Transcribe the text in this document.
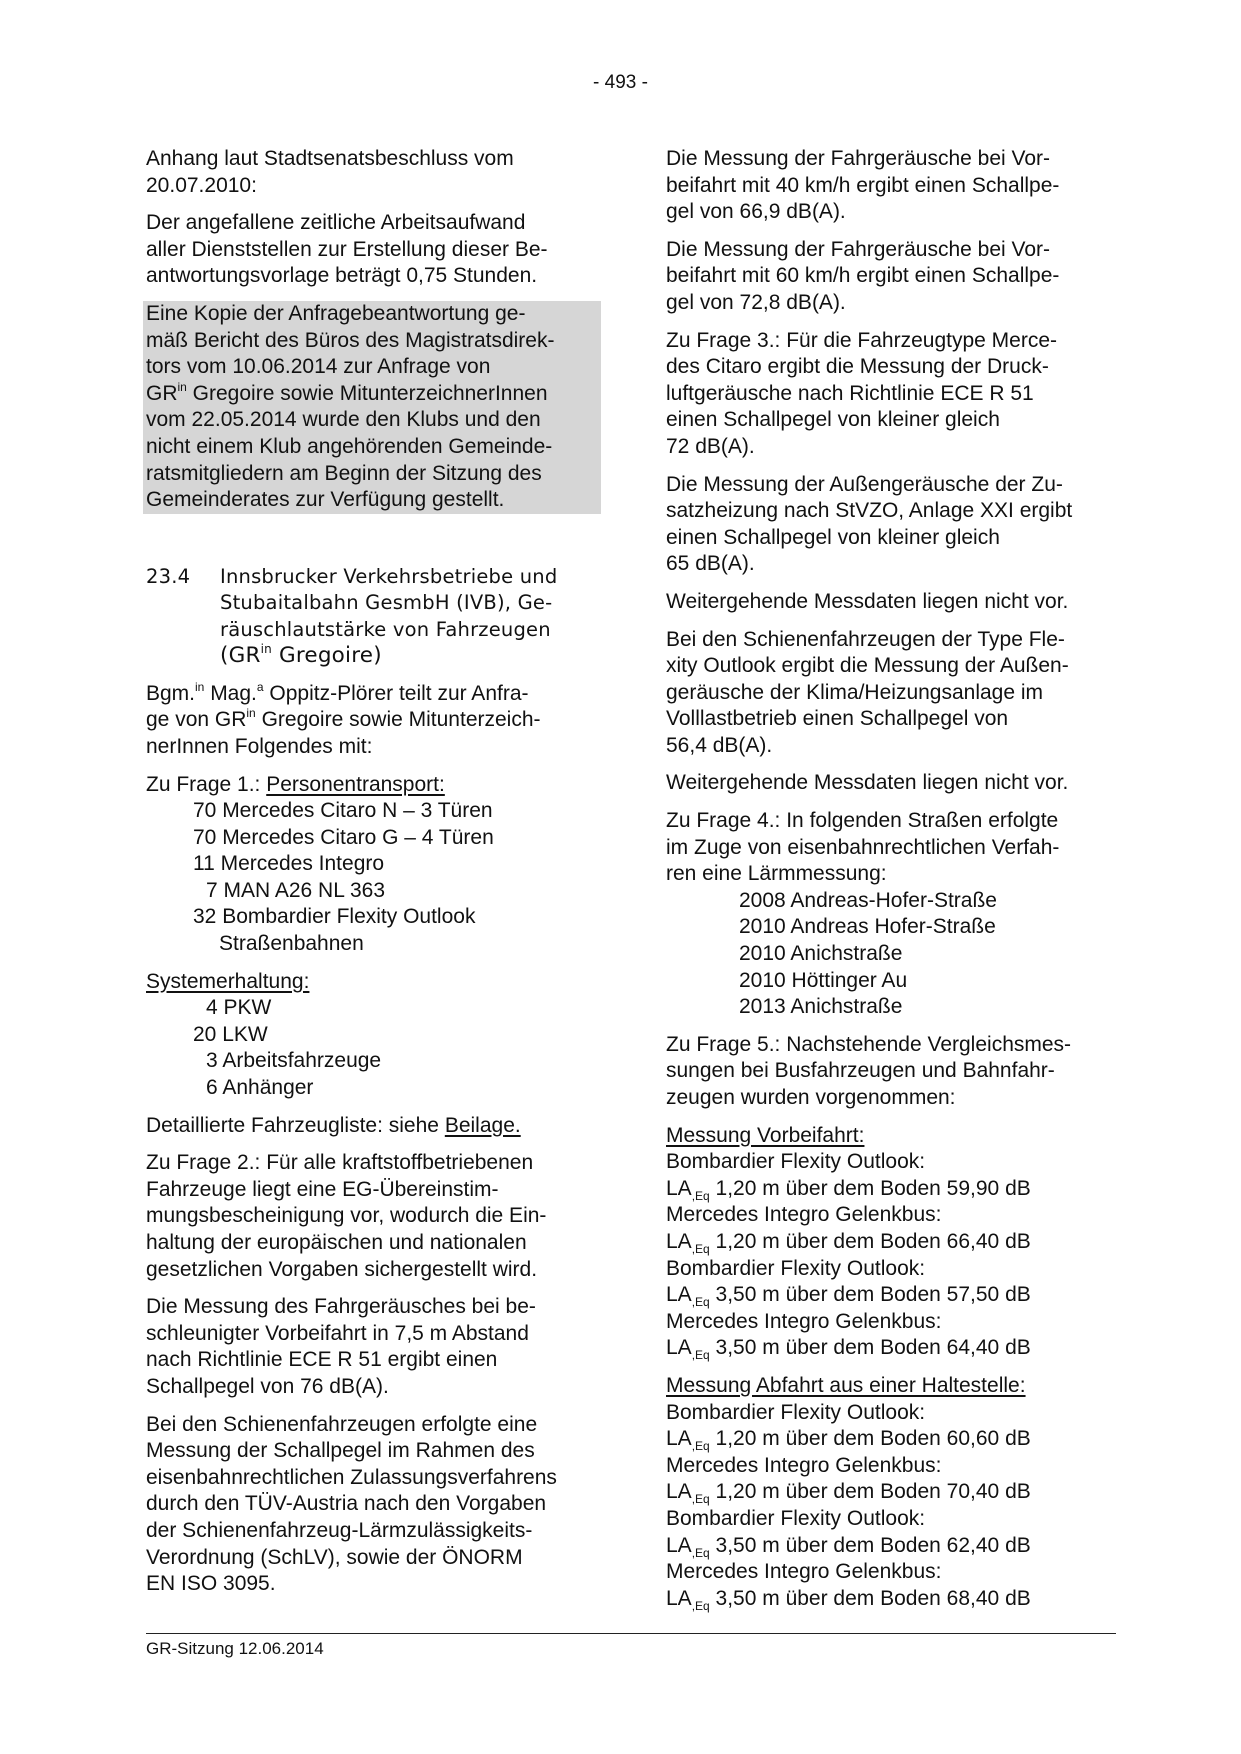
- 493 -

Anhang laut Stadtsenatsbeschluss vom 20.07.2010:

Der angefallene zeitliche Arbeitsaufwand
aller Dienststellen zur Erstellung dieser Be-
antwortungsvorlage beträgt 0,75 Stunden.
Eine Kopie der Anfragebeantwortung ge-
mäß Bericht des Büros des Magistratsdirek-
tors vom 10.06.2014 zur Anfrage von
$GR^{in}$ Gregoire sowie MitunterzeichnerInnen
vom 22.05.2014 wurde den Klubs und den
nicht einem Klub angehörenden Gemeinde-
ratsmitgliedern am Beginn der Sitzung des
Gemeinderates zur Verfügung gestellt.
23.4	Innsbrucker Verkehrsbetriebe und
Stubaitalbahn GesmbH (IVB), Ge-
räuschlautstärke von Fahrzeugen
($GR^{in}$ Gregoire)
Bgm.$^{in}$ Mag.$^a$ Oppitz-Plörer teilt zur Anfra-
ge von $GR^{in}$ Gregoire sowie Mitunterzeich-
nerInnen Folgendes mit:
Zu Frage 1.: Personentransport:
70 Mercedes Citaro N – 3 Türen
70 Mercedes Citaro G – 4 Türen
11 Mercedes Integro
7 MAN A26 NL 363
32 Bombardier Flexity Outlook
Straßenbahnen
Systemerhaltung:
4 PKW
20 LKW
3 Arbeitsfahrzeuge
6 Anhänger

Detaillierte Fahrzeugliste: siehe Beilage.

Zu Frage 2.: Für alle kraftstoffbetriebenen
Fahrzeuge liegt eine EG-Übereinstim-
mungsbescheinigung vor, wodurch die Ein-
haltung der europäischen und nationalen
gesetzlichen Vorgaben sichergestellt wird.
Die Messung des Fahrgeräusches bei be-
schleunigter Vorbeifahrt in 7,5 m Abstand
nach Richtlinie ECE R 51 ergibt einen
Schallpegel von 76 dB(A).
Bei den Schienenfahrzeugen erfolgte eine
Messung der Schallpegel im Rahmen des
eisenbahnrechtlichen Zulassungsverfahrens
durch den TÜV-Austria nach den Vorgaben
der Schienenfahrzeug-Lärmzulässigkeits-
Verordnung (SchLV), sowie der ÖNORM
EN ISO 3095.
Die Messung der Fahrgeräusche bei Vor-
beifahrt mit 40 km/h ergibt einen Schallpe-
gel von 66,9 dB(A).
Die Messung der Fahrgeräusche bei Vor-
beifahrt mit 60 km/h ergibt einen Schallpe-
gel von 72,8 dB(A).
Zu Frage 3.: Für die Fahrzeugtype Merce-
des Citaro ergibt die Messung der Druck-
luftgeräusche nach Richtlinie ECE R 51
einen Schallpegel von kleiner gleich
72 dB(A).
Die Messung der Außengeräusche der Zu-
satzheizung nach StVZO, Anlage XXI ergibt
einen Schallpegel von kleiner gleich
65 dB(A).

Weitergehende Messdaten liegen nicht vor.

Bei den Schienenfahrzeugen der Type Fle-
xity Outlook ergibt die Messung der Außen-
geräusche der Klima/Heizungsanlage im
Volllastbetrieb einen Schallpegel von
56,4 dB(A).

Weitergehende Messdaten liegen nicht vor.

Zu Frage 4.: In folgenden Straßen erfolgte
im Zuge von eisenbahnrechtlichen Verfah-
ren eine Lärmmessung:
2008 Andreas-Hofer-Straße
2010 Andreas Hofer-Straße
2010 Anichstraße
2010 Höttinger Au
2013 Anichstraße
Zu Frage 5.: Nachstehende Vergleichsmes-
sungen bei Busfahrzeugen und Bahnfahr-
zeugen wurden vorgenommen:
Messung Vorbeifahrt:
Bombardier Flexity Outlook:
$LA_{,Eq}$ 1,20 m über dem Boden 59,90 dB
Mercedes Integro Gelenkbus:
$LA_{,Eq}$ 1,20 m über dem Boden 66,40 dB
Bombardier Flexity Outlook:
$LA_{,Eq}$ 3,50 m über dem Boden 57,50 dB
Mercedes Integro Gelenkbus:
$LA_{,Eq}$ 3,50 m über dem Boden 64,40 dB
Messung Abfahrt aus einer Haltestelle:
Bombardier Flexity Outlook:
$LA_{,Eq}$ 1,20 m über dem Boden 60,60 dB
Mercedes Integro Gelenkbus:
$LA_{,Eq}$ 1,20 m über dem Boden 70,40 dB
Bombardier Flexity Outlook:
$LA_{,Eq}$ 3,50 m über dem Boden 62,40 dB
Mercedes Integro Gelenkbus:
$LA_{,Eq}$ 3,50 m über dem Boden 68,40 dB
GR-Sitzung 12.06.2014
